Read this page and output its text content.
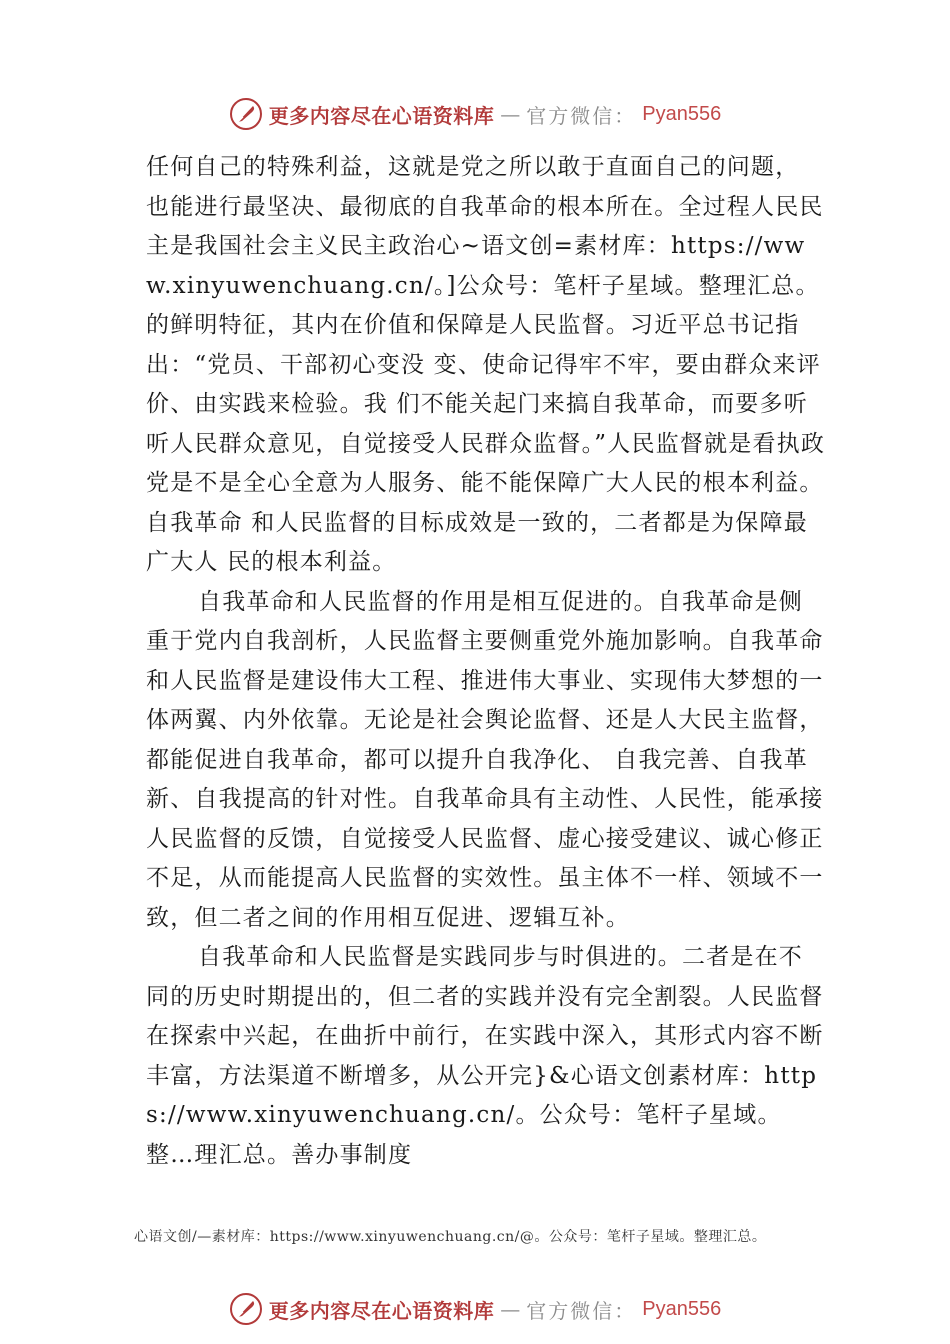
更多内容尽在心语资料库 — 官方微信： Pyan556

任何自己的特殊利益，这就是党之所以敢于直面自己的问题， 也能进行最坚决、最彻底的自我革命的根本所在。全过程人民民主是我国社会主义民主政治心~语文创=素材库：https://www.xinyuwenchuang.cn/。]公众号：笔杆子星域。整理汇总。的鲜明特征，其内在价值和保障是人民监督。习近平总书记指出：“党员、干部初心变没 变、使命记得牢不牢，要由群众来评价、由实践来检验。我 们不能关起门来搞自我革命，而要多听听人民群众意见，自觉接受人民群众监督。”人民监督就是看执政党是不是全心全意为人服务、能不能保障广大人民的根本利益。自我革命 和人民监督的目标成效是一致的，二者都是为保障最广大人 民的根本利益。

自我革命和人民监督的作用是相互促进的。自我革命是侧重于党内自我剖析，人民监督主要侧重党外施加影响。自我革命和人民监督是建设伟大工程、推进伟大事业、实现伟大梦想的一体两翼、内外依靠。无论是社会舆论监督、还是人大民主监督，都能促进自我革命，都可以提升自我净化、 自我完善、自我革新、自我提高的针对性。自我革命具有主动性、人民性，能承接人民监督的反馈，自觉接受人民监督、虚心接受建议、诚心修正不足，从而能提高人民监督的实效性。虽主体不一样、领域不一致，但二者之间的作用相互促进、逻辑互补。

自我革命和人民监督是实践同步与时俱进的。二者是在不同的历史时期提出的，但二者的实践并没有完全割裂。人民监督在探索中兴起，在曲折中前行，在实践中深入，其形式内容不断丰富，方法渠道不断增多，从公开完}&心语文创素材库：https://www.xinyuwenchuang.cn/。公众号：笔杆子星域。整…理汇总。善办事制度

心语文创/—素材库：https://www.xinyuwenchuang.cn/@。公众号：笔杆子星域。整理汇总。
更多内容尽在心语资料库 — 官方微信： Pyan556
